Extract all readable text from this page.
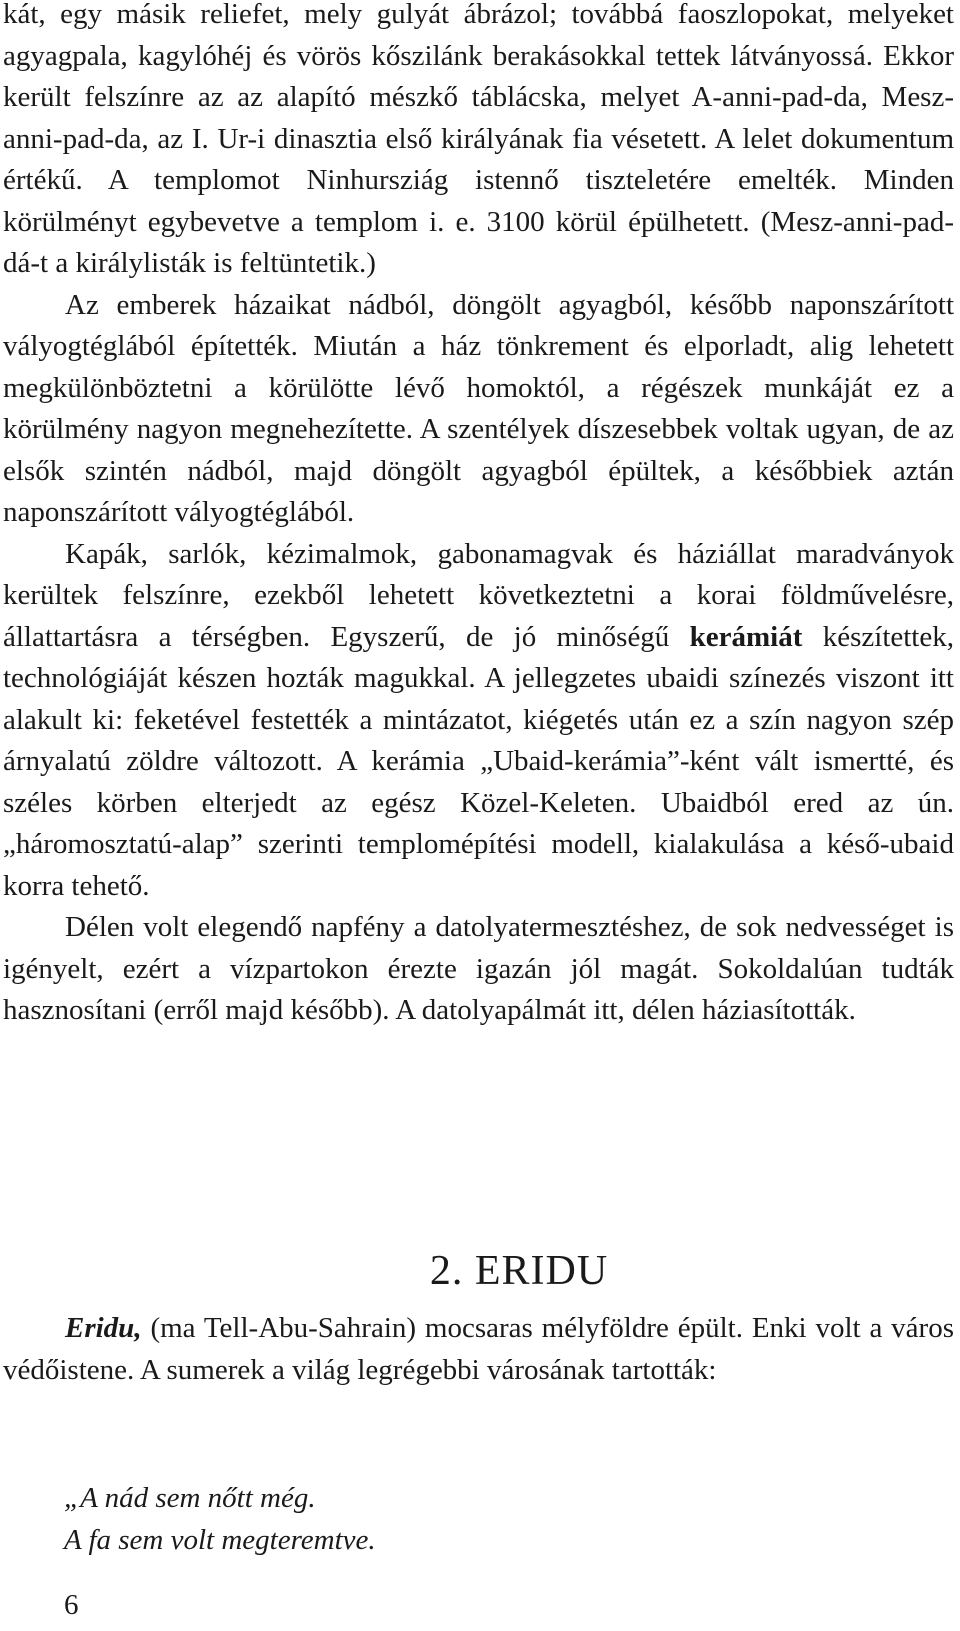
kát, egy másik reliefet, mely gulyát ábrázol; továbbá faoszlopokat, melyeket agyagpala, kagylóhéj és vörös kőszilánk berakásokkal tettek látványossá. Ekkor került felszínre az az alapító mészkő táblácska, melyet A-anni-pad-da, Mesz-anni-pad-da, az I. Ur-i dinasztia első királyának fia vésetett. A lelet dokumentum értékű. A templomot Ninhursziág istennő tiszteletére emelték. Minden körülményt egybevetve a templom i. e. 3100 körül épülhetett. (Mesz-anni-pad-dá-t a királylisták is feltüntetik.)

Az emberek házaikat nádból, döngölt agyagból, később naponszárított vályogtéglából építették. Miután a ház tönkrement és elporladt, alig lehetett megkülönböztetni a körülötte lévő homoktól, a régészek munkáját ez a körülmény nagyon megnehezítette. A szentélyek díszesebbek voltak ugyan, de az elsők szintén nádból, majd döngölt agyagból épültek, a későbbiek aztán naponszárított vályogtéglából.

Kapák, sarlók, kézimalmok, gabonamagvak és háziállat maradványok kerültek felszínre, ezekből lehetett következtetni a korai földművelésre, állattartásra a térségben. Egyszerű, de jó minőségű kerámiát készítettek, technológiáját készen hozták magukkal. A jellegzetes ubaidi színezés viszont itt alakult ki: feketével festették a mintázatot, kiégetés után ez a szín nagyon szép árnyalatú zöldre változott. A kerámia „Ubaid-kerámia”-ként vált ismertté, és széles körben elterjedt az egész Közel-Keleten. Ubaidból ered az ún. „háromosztatú-alap” szerinti templomépítési modell, kialakulása a késő-ubaid korra tehető.

Délen volt elegendő napfény a datolyatermesztéshez, de sok nedvességet is igényelt, ezért a vízpartokon érezte igazán jól magát. Sokoldalúan tudták hasznosítani (erről majd később). A datolyapálmát itt, délen háziasították.

2. ERIDU

Eridu, (ma Tell-Abu-Sahrain) mocsaras mélyföldre épült. Enki volt a város védőistene. A sumerek a világ legrégebbi városának tartották:

„A nád sem nőtt még.
A fa sem volt megteremtve.
6
